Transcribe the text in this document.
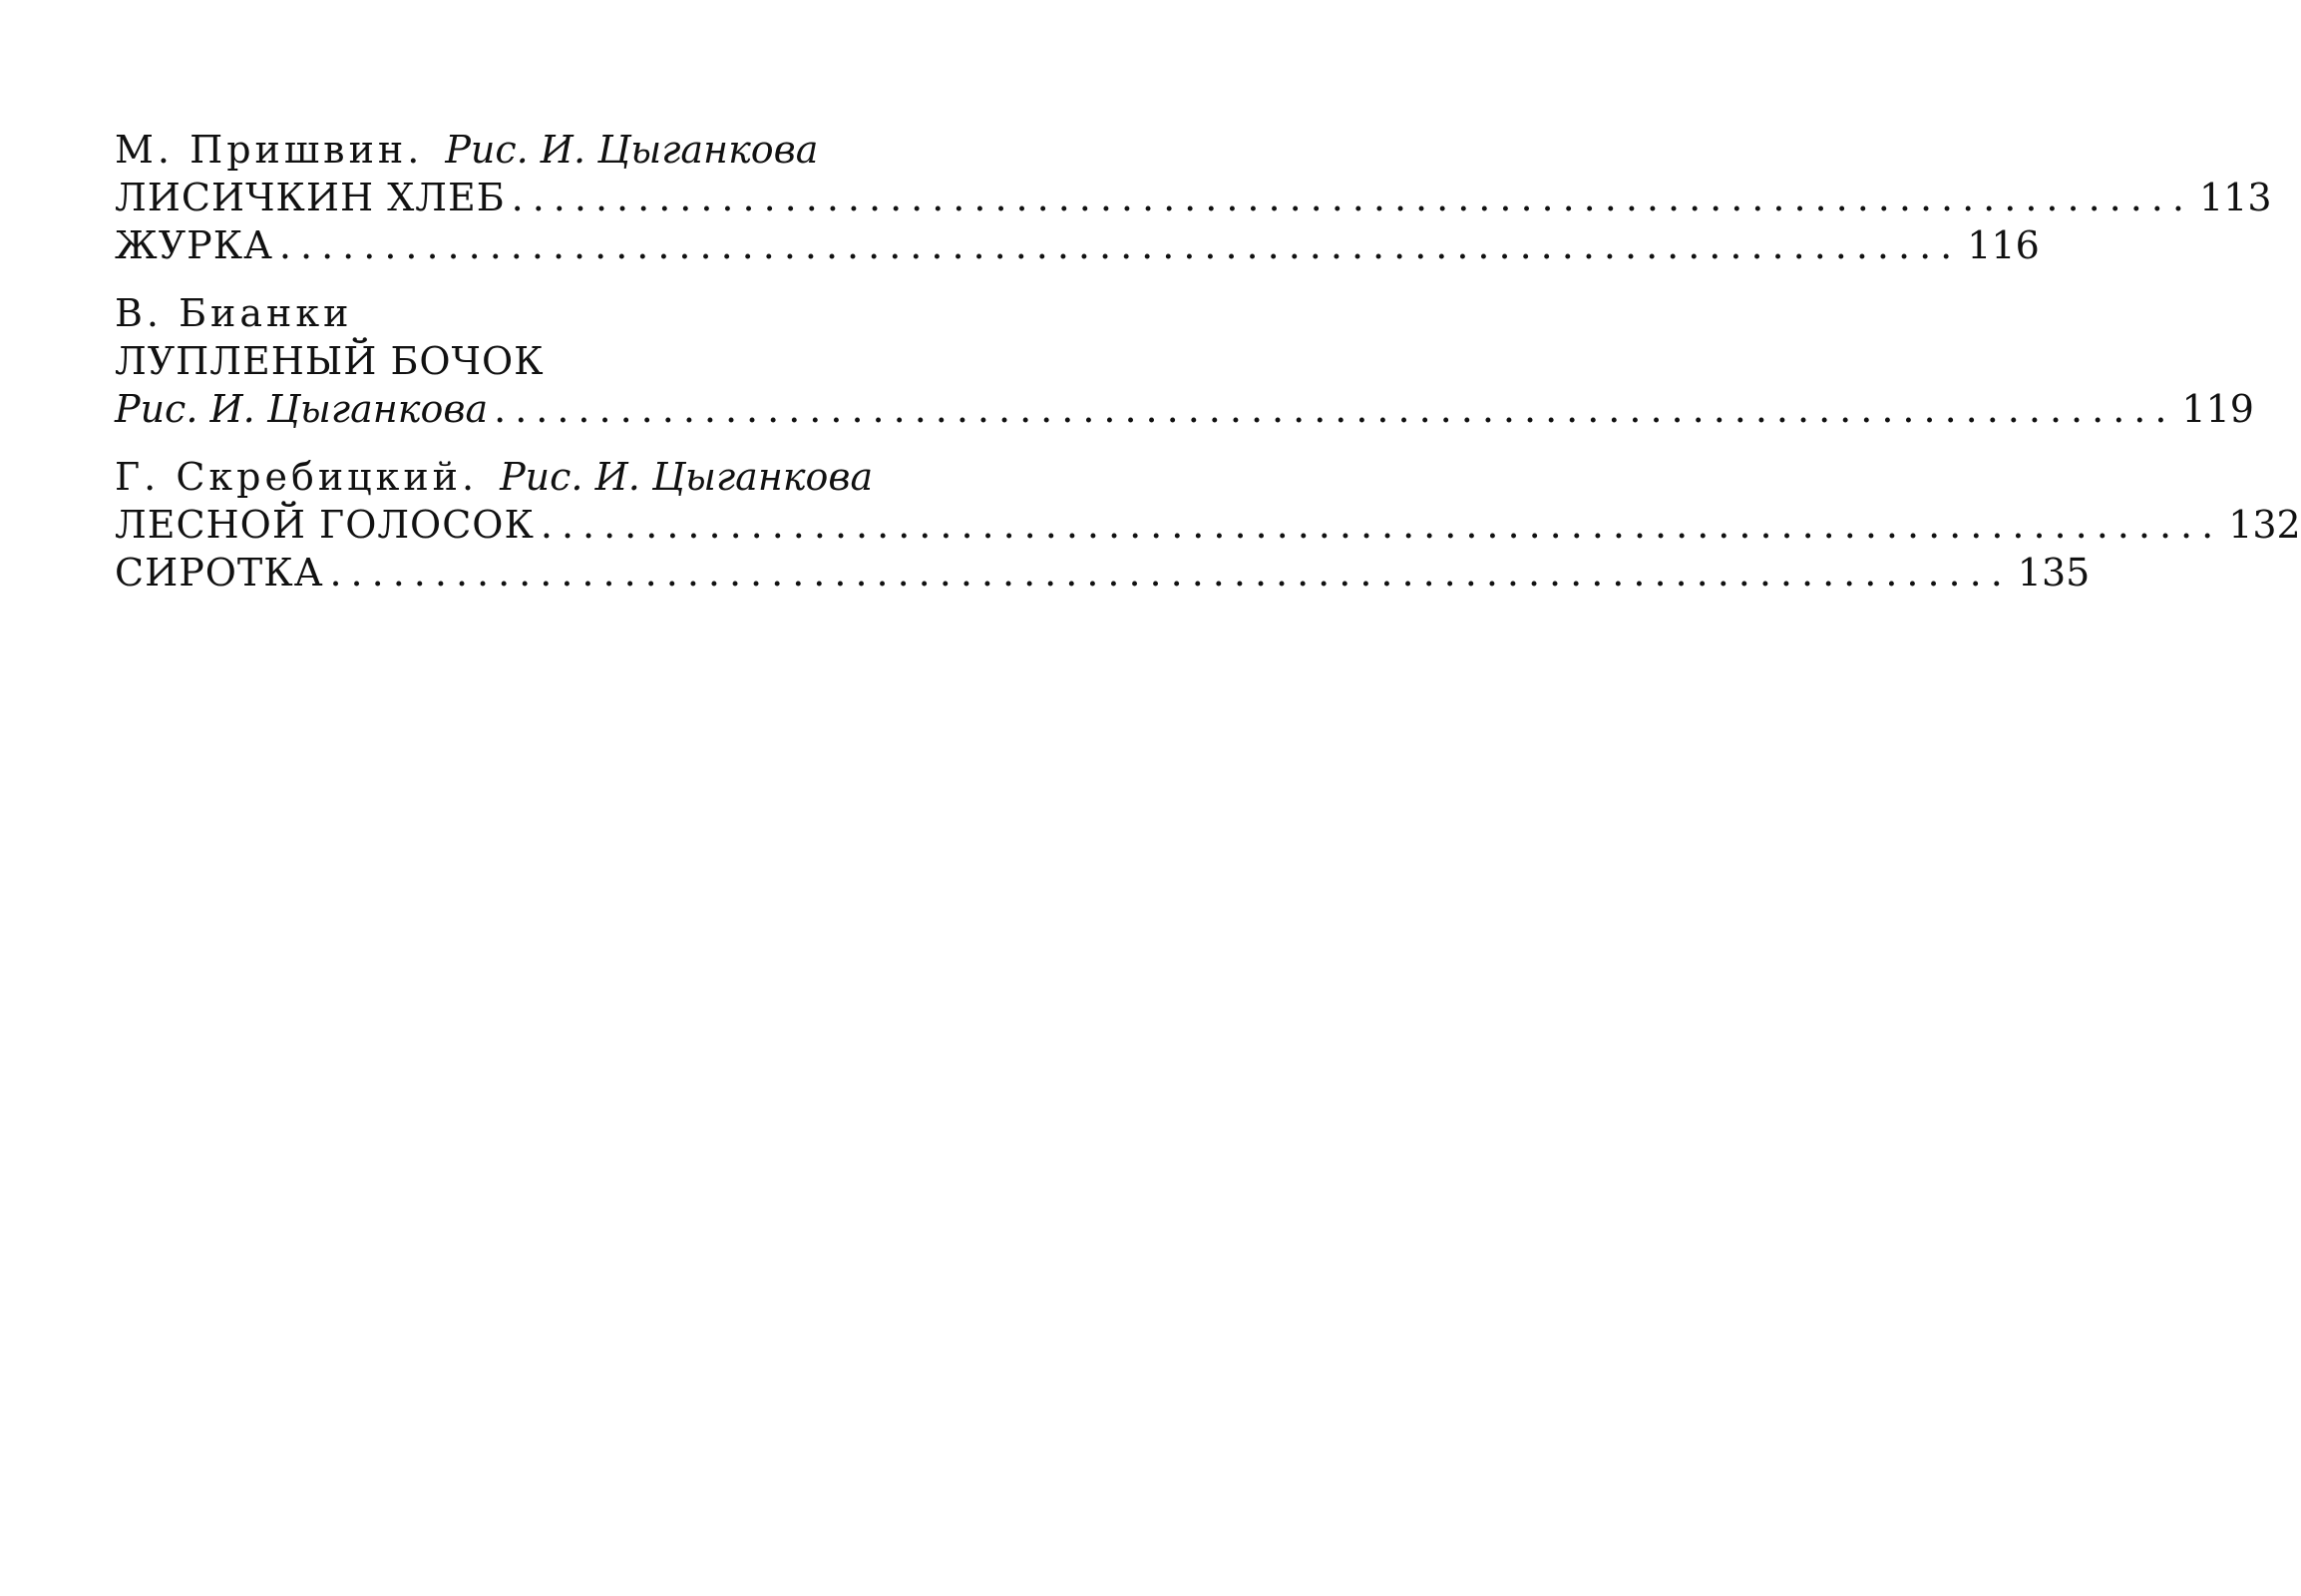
М. Пришвин. Рис. И. Цыганкова
ЛИСИЧКИН ХЛЕБ ................................................................................ 113
ЖУРКА ................................................................................ 116
В. Бианки
ЛУПЛЕНЫЙ БОЧОК
Рис. И. Цыганкова ................................................................................ 119
Г. Скребицкий. Рис. И. Цыганкова
ЛЕСНОЙ ГОЛОСОК ................................................................................ 132
СИРОТКА ................................................................................ 135
